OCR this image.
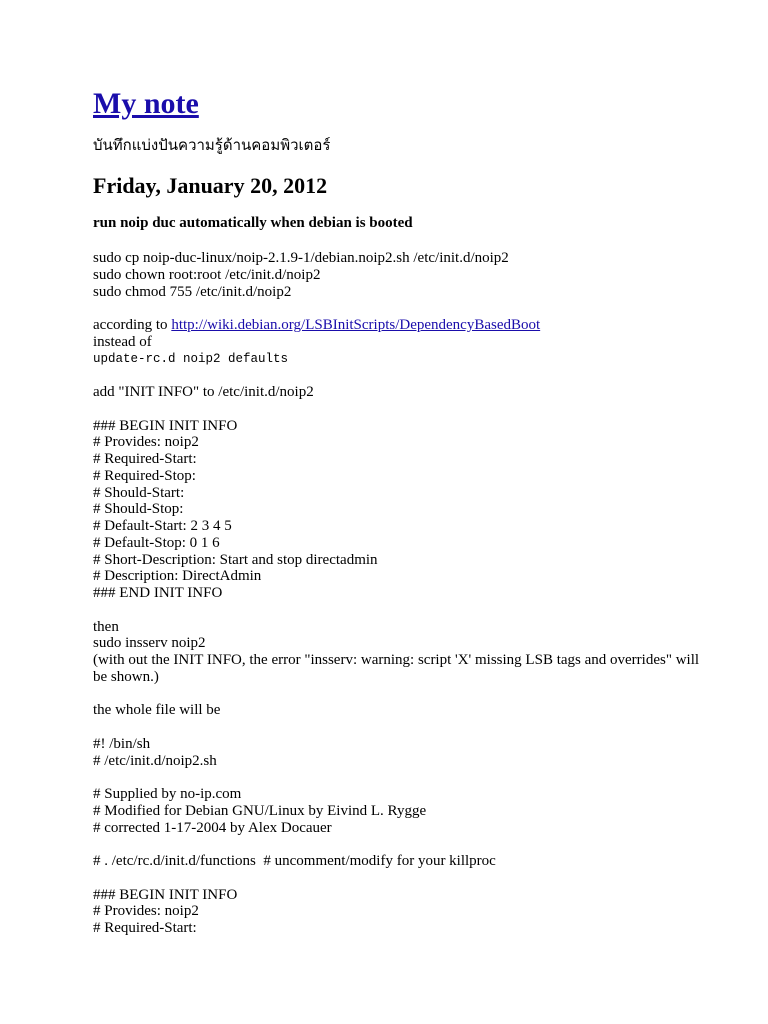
My note
บันทึกแบ่งปันความรู้ด้านคอมพิวเตอร์
Friday, January 20, 2012
run noip duc automatically when debian is booted
sudo cp noip-duc-linux/noip-2.1.9-1/debian.noip2.sh /etc/init.d/noip2
sudo chown root:root /etc/init.d/noip2
sudo chmod 755 /etc/init.d/noip2
according to http://wiki.debian.org/LSBInitScripts/DependencyBasedBoot
instead of
update-rc.d noip2 defaults
add "INIT INFO" to /etc/init.d/noip2
### BEGIN INIT INFO
# Provides: noip2
# Required-Start:
# Required-Stop:
# Should-Start:
# Should-Stop:
# Default-Start: 2 3 4 5
# Default-Stop: 0 1 6
# Short-Description: Start and stop directadmin
# Description: DirectAdmin
### END INIT INFO
then
sudo insserv noip2
(with out the INIT INFO, the error "insserv: warning: script 'X' missing LSB tags and overrides" will be shown.)
the whole file will be
#! /bin/sh
# /etc/init.d/noip2.sh
# Supplied by no-ip.com
# Modified for Debian GNU/Linux by Eivind L. Rygge
# corrected 1-17-2004 by Alex Docauer
# . /etc/rc.d/init.d/functions  # uncomment/modify for your killproc
### BEGIN INIT INFO
# Provides: noip2
# Required-Start:
